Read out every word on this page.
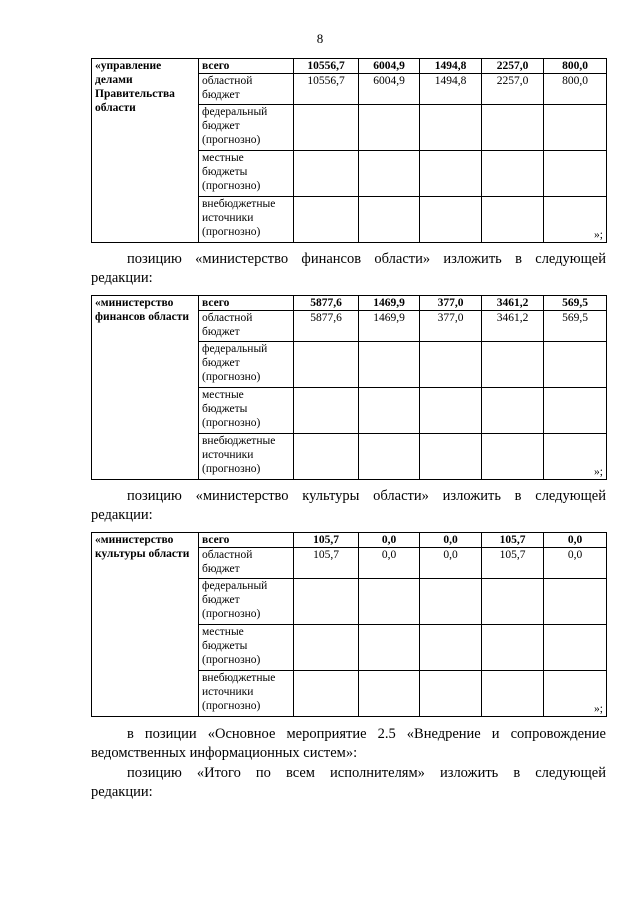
8
«управление делами Правительства области	всего	10556,7	6004,9	1494,8	2257,0	800,0
	областной бюджет	10556,7	6004,9	1494,8	2257,0	800,0
	федеральный бюджет (прогнозно)					
	местные бюджеты (прогнозно)					
	внебюджетные источники (прогнозно)					»;
позицию «министерство финансов области» изложить в следующей
редакции:
«министерство финансов области	всего	5877,6	1469,9	377,0	3461,2	569,5
	областной бюджет	5877,6	1469,9	377,0	3461,2	569,5
	федеральный бюджет (прогнозно)					
	местные бюджеты (прогнозно)					
	внебюджетные источники (прогнозно)					»;
позицию «министерство культуры области» изложить в следующей
редакции:
«министерство культуры области	всего	105,7	0,0	0,0	105,7	0,0
	областной бюджет	105,7	0,0	0,0	105,7	0,0
	федеральный бюджет (прогнозно)					
	местные бюджеты (прогнозно)					
	внебюджетные источники (прогнозно)					»;
в позиции «Основное мероприятие 2.5 «Внедрение и сопровождение
ведомственных информационных систем»:
позицию «Итого по всем исполнителям» изложить в следующей
редакции:
